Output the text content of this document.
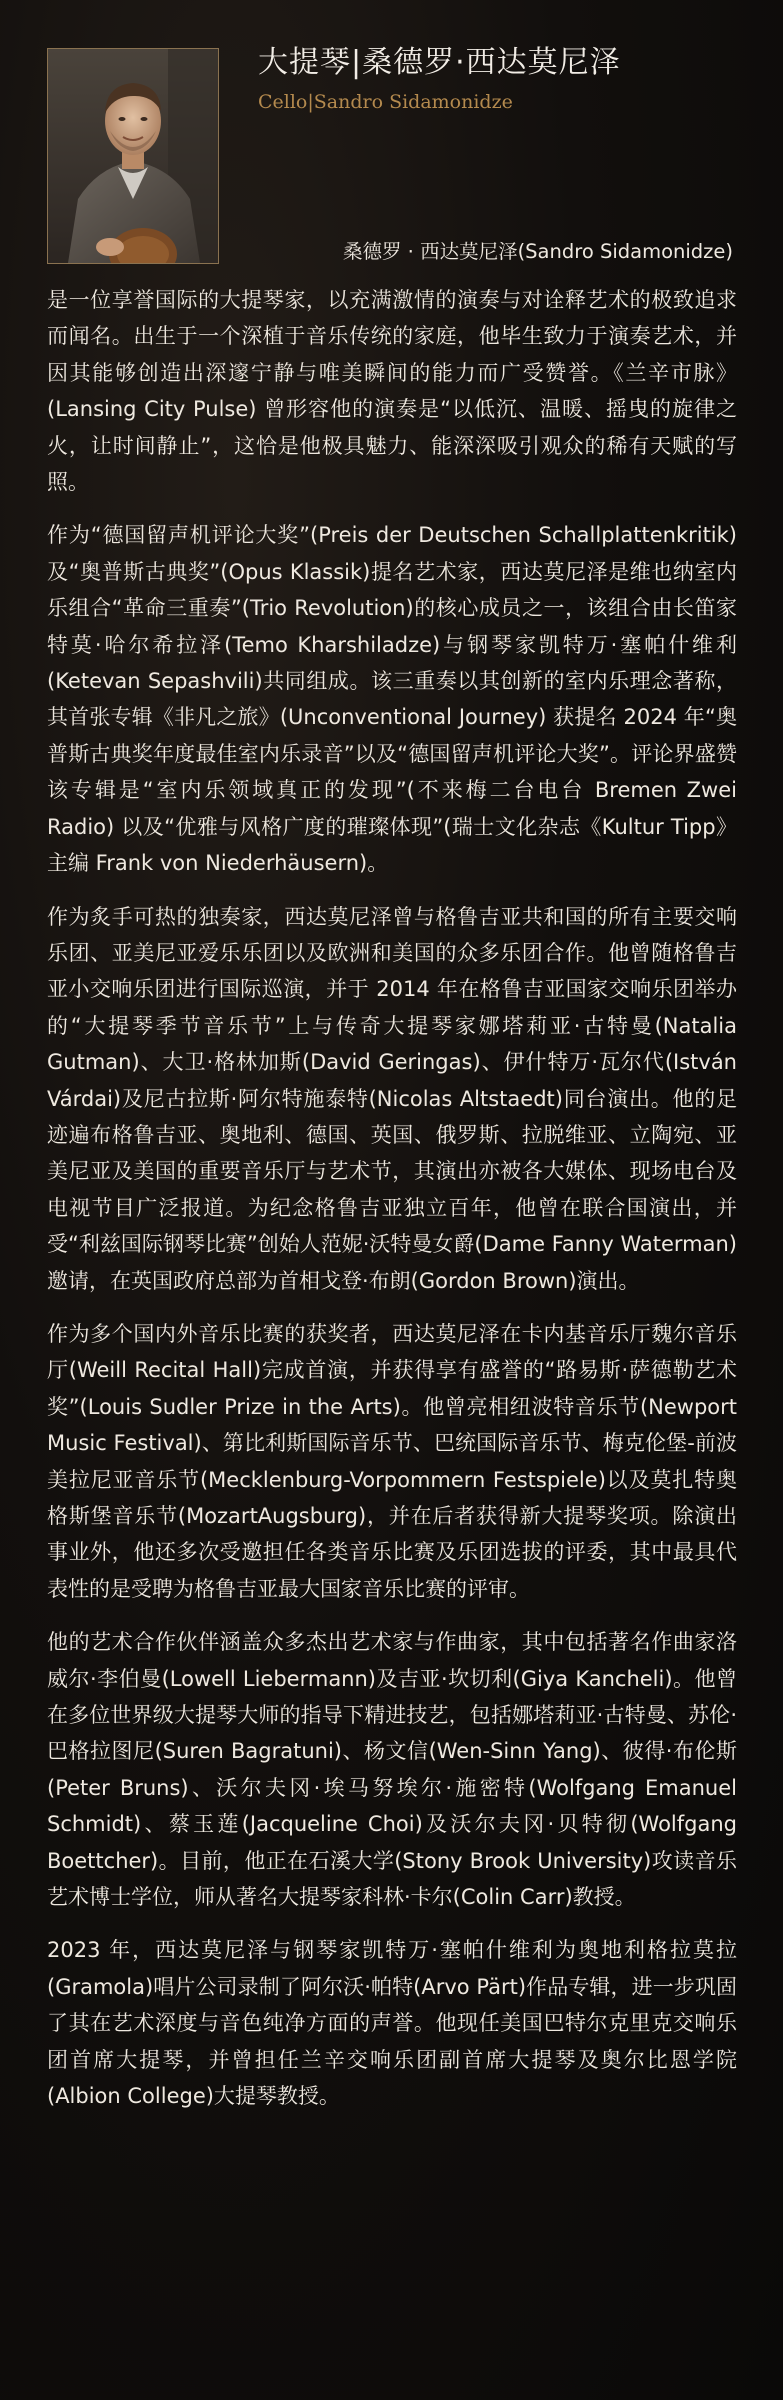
大提琴|桑德罗·西达莫尼泽
Cello|Sandro Sidamonidze
桑德罗 · 西达莫尼泽(Sandro Sidamonidze)

是一位享誉国际的大提琴家，以充满激情的演奏与对诠释艺术的极致追求而闻名。出生于一个深植于音乐传统的家庭，他毕生致力于演奏艺术，并因其能够创造出深邃宁静与唯美瞬间的能力而广受赞誉。《兰辛市脉》(Lansing City Pulse) 曾形容他的演奏是“以低沉、温暖、摇曳的旋律之火，让时间静止”，这恰是他极具魅力、能深深吸引观众的稀有天赋的写照。

作为“德国留声机评论大奖”(Preis der Deutschen Schallplattenkritik)及“奥普斯古典奖”(Opus Klassik)提名艺术家，西达莫尼泽是维也纳室内乐组合“革命三重奏”(Trio Revolution)的核心成员之一，该组合由长笛家特莫·哈尔希拉泽(Temo Kharshiladze)与钢琴家凯特万·塞帕什维利(Ketevan Sepashvili)共同组成。该三重奏以其创新的室内乐理念著称，其首张专辑《非凡之旅》(Unconventional Journey) 获提名 2024 年“奥普斯古典奖年度最佳室内乐录音”以及“德国留声机评论大奖”。评论界盛赞该专辑是“室内乐领域真正的发现”(不来梅二台电台 Bremen Zwei Radio) 以及“优雅与风格广度的璀璨体现”(瑞士文化杂志《Kultur Tipp》主编 Frank von Niederhäusern)。

作为炙手可热的独奏家，西达莫尼泽曾与格鲁吉亚共和国的所有主要交响乐团、亚美尼亚爱乐乐团以及欧洲和美国的众多乐团合作。他曾随格鲁吉亚小交响乐团进行国际巡演，并于 2014 年在格鲁吉亚国家交响乐团举办的“大提琴季节音乐节”上与传奇大提琴家娜塔莉亚·古特曼(Natalia Gutman)、大卫·格林加斯(David Geringas)、伊什特万·瓦尔代(István Várdai)及尼古拉斯·阿尔特施泰特(Nicolas Altstaedt)同台演出。他的足迹遍布格鲁吉亚、奥地利、德国、英国、俄罗斯、拉脱维亚、立陶宛、亚美尼亚及美国的重要音乐厅与艺术节，其演出亦被各大媒体、现场电台及电视节目广泛报道。为纪念格鲁吉亚独立百年，他曾在联合国演出，并受“利兹国际钢琴比赛”创始人范妮·沃特曼女爵(Dame Fanny Waterman)邀请，在英国政府总部为首相戈登·布朗(Gordon Brown)演出。

作为多个国内外音乐比赛的获奖者，西达莫尼泽在卡内基音乐厅魏尔音乐厅(Weill Recital Hall)完成首演，并获得享有盛誉的“路易斯·萨德勒艺术奖”(Louis Sudler Prize in the Arts)。他曾亮相纽波特音乐节(Newport Music Festival)、第比利斯国际音乐节、巴统国际音乐节、梅克伦堡-前波美拉尼亚音乐节(Mecklenburg-Vorpommern Festspiele)以及莫扎特奥格斯堡音乐节(MozartAugsburg)，并在后者获得新大提琴奖项。除演出事业外，他还多次受邀担任各类音乐比赛及乐团选拔的评委，其中最具代表性的是受聘为格鲁吉亚最大国家音乐比赛的评审。

他的艺术合作伙伴涵盖众多杰出艺术家与作曲家，其中包括著名作曲家洛威尔·李伯曼(Lowell Liebermann)及吉亚·坎切利(Giya Kancheli)。他曾在多位世界级大提琴大师的指导下精进技艺，包括娜塔莉亚·古特曼、苏伦·巴格拉图尼(Suren Bagratuni)、杨文信(Wen-Sinn Yang)、彼得·布伦斯(Peter Bruns)、沃尔夫冈·埃马努埃尔·施密特(Wolfgang Emanuel Schmidt)、蔡玉莲(Jacqueline Choi)及沃尔夫冈·贝特彻(Wolfgang Boettcher)。目前，他正在石溪大学(Stony Brook University)攻读音乐艺术博士学位，师从著名大提琴家科林·卡尔(Colin Carr)教授。

2023 年，西达莫尼泽与钢琴家凯特万·塞帕什维利为奥地利格拉莫拉(Gramola)唱片公司录制了阿尔沃·帕特(Arvo Pärt)作品专辑，进一步巩固了其在艺术深度与音色纯净方面的声誉。他现任美国巴特尔克里克交响乐团首席大提琴，并曾担任兰辛交响乐团副首席大提琴及奥尔比恩学院(Albion College)大提琴教授。
